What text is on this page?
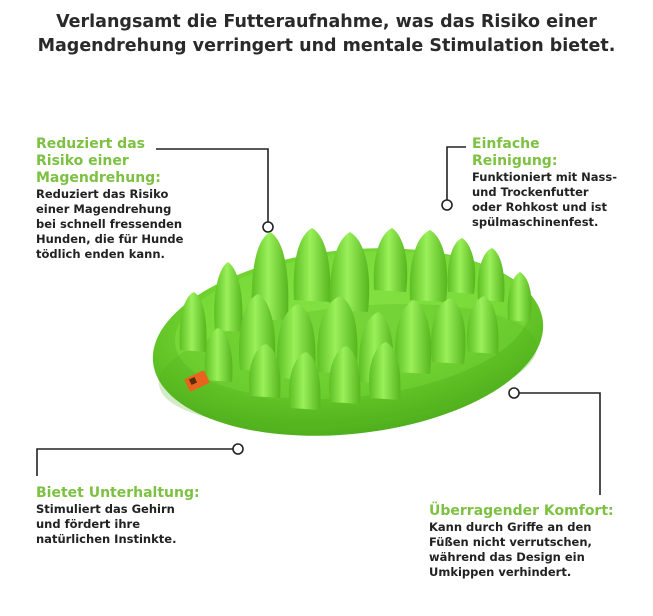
Verlangsamt die Futteraufnahme, was das Risiko einer
Magendrehung verringert und mentale Stimulation bietet.

Reduziert das
Risiko einer
Magendrehung:

Reduziert das Risiko
einer Magendrehung
bei schnell fressenden
Hunden, die für Hunde
tödlich enden kann.

Einfache
Reinigung:

Funktioniert mit Nass-
und Trockenfutter
oder Rohkost und ist
spülmaschinenfest.

Bietet Unterhaltung:

Stimuliert das Gehirn
und fördert ihre
natürlichen Instinkte.

Überragender Komfort:

Kann durch Griffe an den
Füßen nicht verrutschen,
während das Design ein
Umkippen verhindert.
